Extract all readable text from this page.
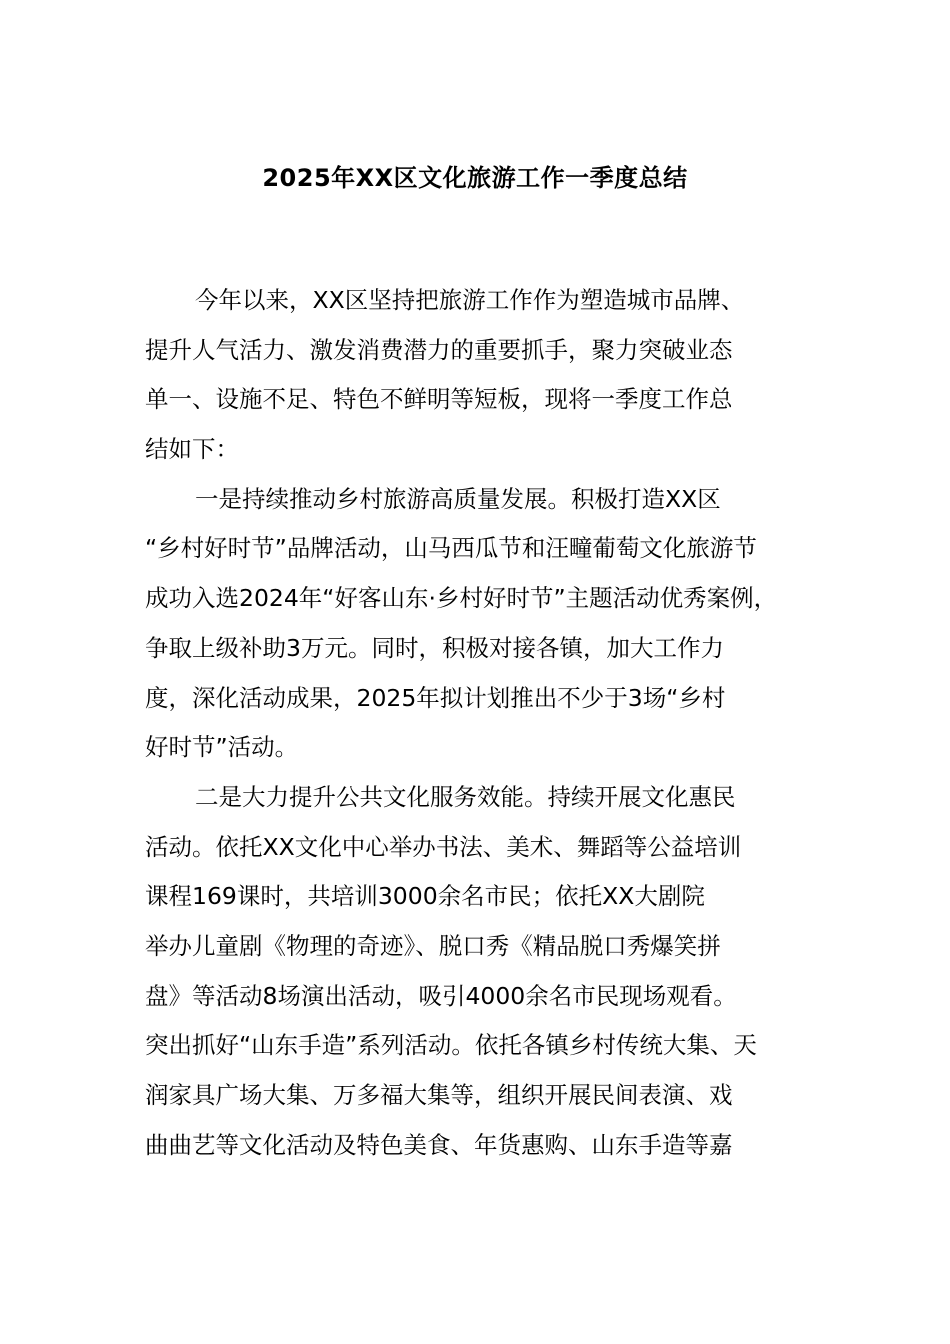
2025年XX区文化旅游工作一季度总结
今年以来，XX区坚持把旅游工作作为塑造城市品牌、
提升人气活力、激发消费潜力的重要抓手，聚力突破业态
单一、设施不足、特色不鲜明等短板，现将一季度工作总
结如下：
一是持续推动乡村旅游高质量发展。积极打造XX区
“乡村好时节”品牌活动，山马西瓜节和汪疃葡萄文化旅游节
成功入选2024年“好客山东·乡村好时节”主题活动优秀案例，
争取上级补助3万元。同时，积极对接各镇，加大工作力
度，深化活动成果，2025年拟计划推出不少于3场“乡村
好时节”活动。
二是大力提升公共文化服务效能。持续开展文化惠民
活动。依托XX文化中心举办书法、美术、舞蹈等公益培训
课程169课时，共培训3000余名市民；依托XX大剧院
举办儿童剧《物理的奇迹》、脱口秀《精品脱口秀爆笑拼
盘》等活动8场演出活动，吸引4000余名市民现场观看。
突出抓好“山东手造”系列活动。依托各镇乡村传统大集、天
润家具广场大集、万多福大集等，组织开展民间表演、戏
曲曲艺等文化活动及特色美食、年货惠购、山东手造等嘉
